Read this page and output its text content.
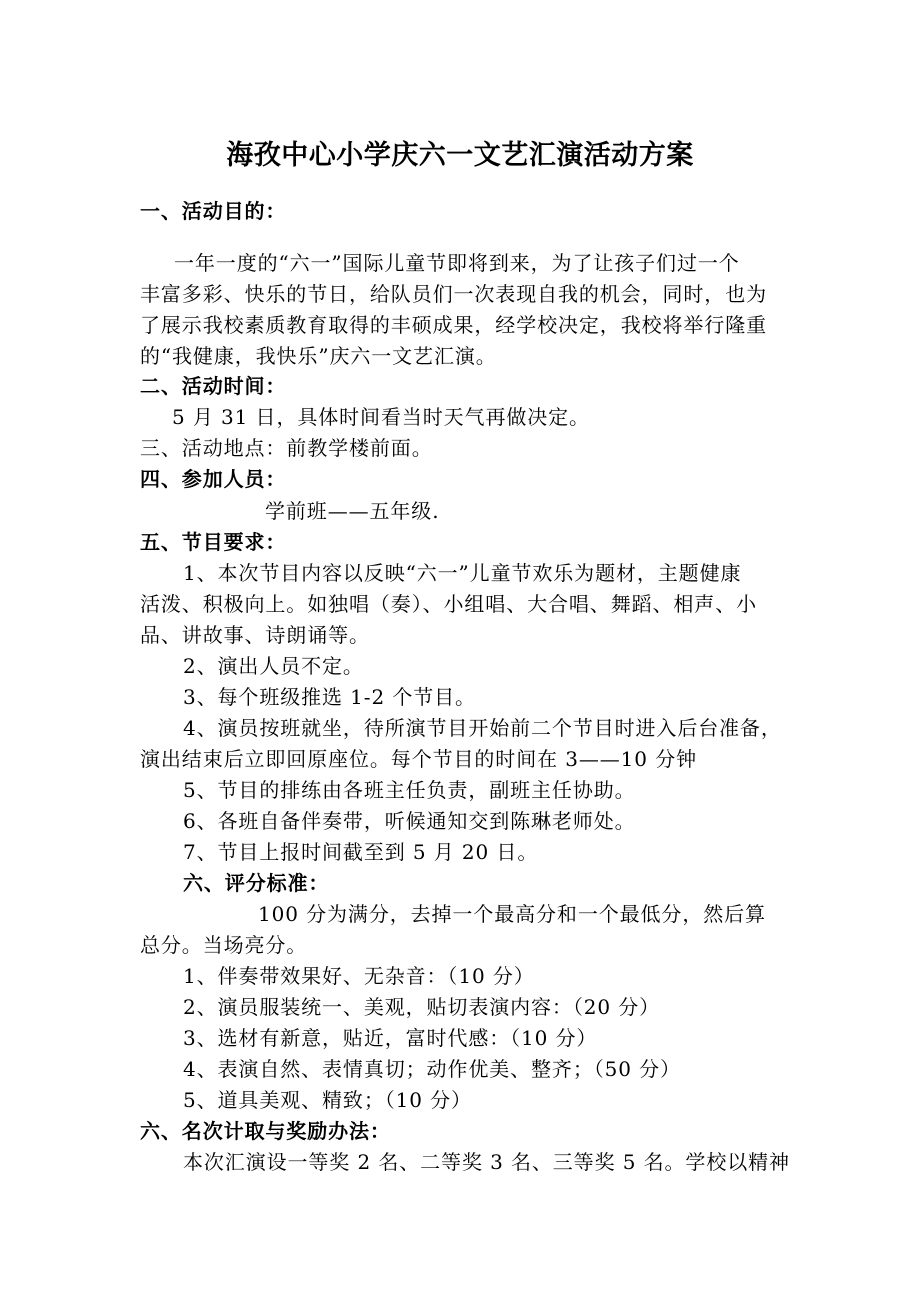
海孜中心小学庆六一文艺汇演活动方案
一、活动目的：
一年一度的“六一”国际儿童节即将到来，为了让孩子们过一个
丰富多彩、快乐的节日，给队员们一次表现自我的机会，同时，也为
了展示我校素质教育取得的丰硕成果，经学校决定，我校将举行隆重
的“我健康，我快乐”庆六一文艺汇演。
二、活动时间：
5 月 31 日，具体时间看当时天气再做决定。
三、活动地点：前教学楼前面。
四、参加人员：
学前班——五年级.
五、节目要求：
1、本次节目内容以反映“六一”儿童节欢乐为题材，主题健康
活泼、积极向上。如独唱（奏）、小组唱、大合唱、舞蹈、相声、小
品、讲故事、诗朗诵等。
2、演出人员不定。
3、每个班级推选 1-2 个节目。
4、演员按班就坐，待所演节目开始前二个节目时进入后台准备，
演出结束后立即回原座位。每个节目的时间在 3——10 分钟
5、节目的排练由各班主任负责，副班主任协助。
6、各班自备伴奏带，听候通知交到陈琳老师处。
7、节目上报时间截至到 5 月 20 日。
六、评分标准：
100 分为满分，去掉一个最高分和一个最低分，然后算
总分。当场亮分。
1、伴奏带效果好、无杂音：（10 分）
2、演员服装统一、美观，贴切表演内容：（20 分）
3、选材有新意，贴近，富时代感：（10 分）
4、表演自然、表情真切；动作优美、整齐；（50 分）
5、道具美观、精致；（10 分）
六、名次计取与奖励办法：
本次汇演设一等奖 2 名、二等奖 3 名、三等奖 5 名。学校以精神
